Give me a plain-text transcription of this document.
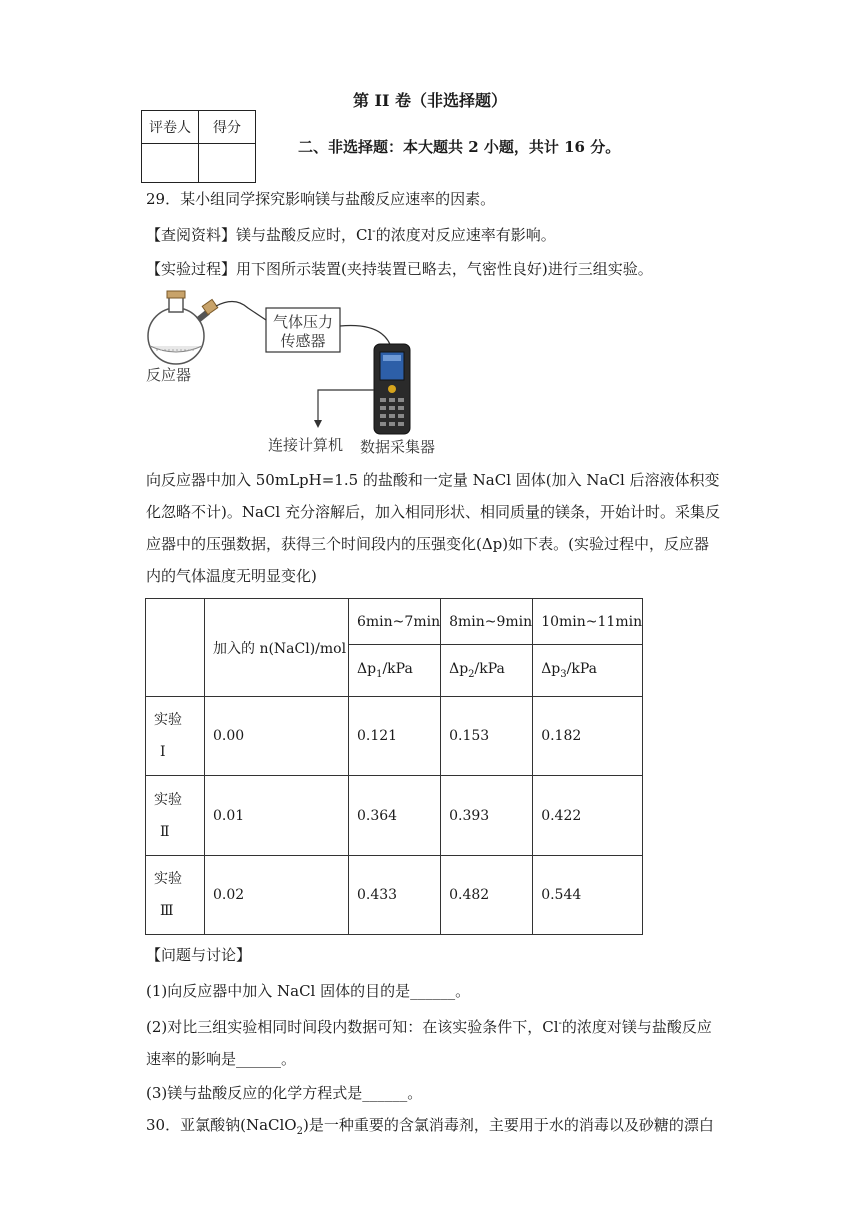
第 II 卷（非选择题）
评卷人	得分

二、非选择题：本大题共 2 小题，共计 16 分。
29．某小组同学探究影响镁与盐酸反应速率的因素。
【查阅资料】镁与盐酸反应时，Cl-的浓度对反应速率有影响。
【实验过程】用下图所示装置(夹持装置已略去，气密性良好)进行三组实验。
气体压力
传感器
反应器
连接计算机 数据采集器
向反应器中加入 50mLpH=1.5 的盐酸和一定量 NaCl 固体(加入 NaCl 后溶液体积变化忽略不计)。NaCl 充分溶解后，加入相同形状、相同质量的镁条，开始计时。采集反应器中的压强数据，获得三个时间段内的压强变化(Δp)如下表。(实验过程中，反应器内的气体温度无明显变化)
	加入的 n(NaCl)/mol	6min~7min	8min~9min	10min~11min
		$\Delta p_1$/kPa	$\Delta p_2$/kPa	$\Delta p_3$/kPa
实验
Ⅰ	0.00	0.121	0.153	0.182
实验
Ⅱ	0.01	0.364	0.393	0.422
实验
Ⅲ	0.02	0.433	0.482	0.544
【问题与讨论】
(1)向反应器中加入 NaCl 固体的目的是______。
(2)对比三组实验相同时间段内数据可知：在该实验条件下，Cl-的浓度对镁与盐酸反应速率的影响是______。
(3)镁与盐酸反应的化学方程式是______。
30．亚氯酸钠(NaClO$_2$)是一种重要的含氯消毒剂，主要用于水的消毒以及砂糖的漂白
